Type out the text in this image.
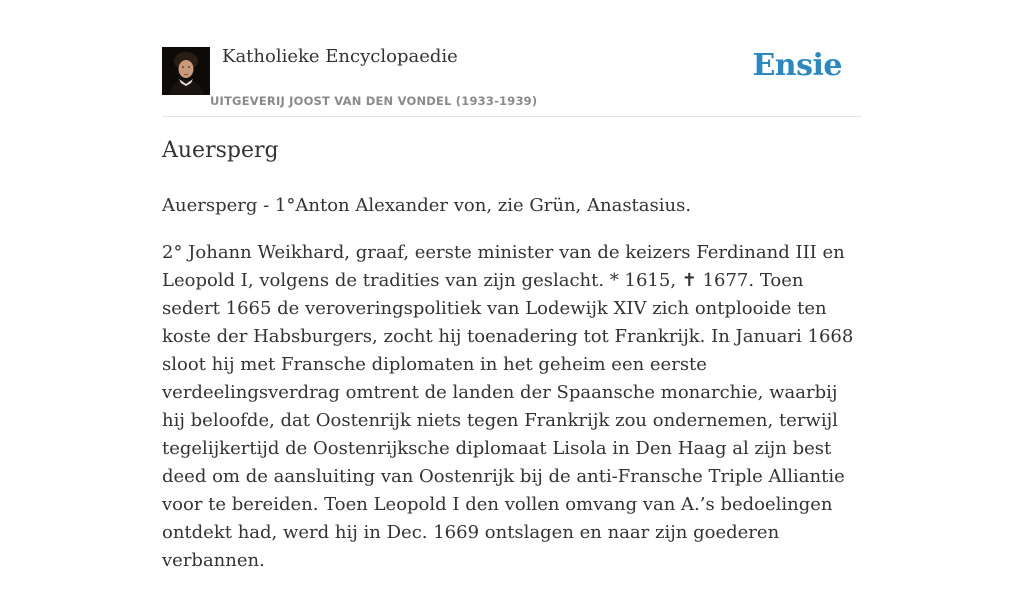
Katholieke Encyclopaedie
UITGEVERIJ JOOST VAN DEN VONDEL (1933-1939)
Ensie
Auersperg

Auersperg - 1°Anton Alexander von, zie Grün, Anastasius.

2° Johann Weikhard, graaf, eerste minister van de keizers Ferdinand III en Leopold I, volgens de tradities van zijn geslacht. * 1615, ✝ 1677. Toen sedert 1665 de veroveringspolitiek van Lodewijk XIV zich ontplooide ten koste der Habsburgers, zocht hij toenadering tot Frankrijk. In Januari 1668 sloot hij met Fransche diplomaten in het geheim een eerste verdeelingsverdrag omtrent de landen der Spaansche monarchie, waarbij hij beloofde, dat Oostenrijk niets tegen Frankrijk zou ondernemen, terwijl tegelijkertijd de Oostenrijksche diplomaat Lisola in Den Haag al zijn best deed om de aansluiting van Oostenrijk bij de anti-Fransche Triple Alliantie voor te bereiden. Toen Leopold I den vollen omvang van A.’s bedoelingen ontdekt had, werd hij in Dec. 1669 ontslagen en naar zijn goederen verbannen.
